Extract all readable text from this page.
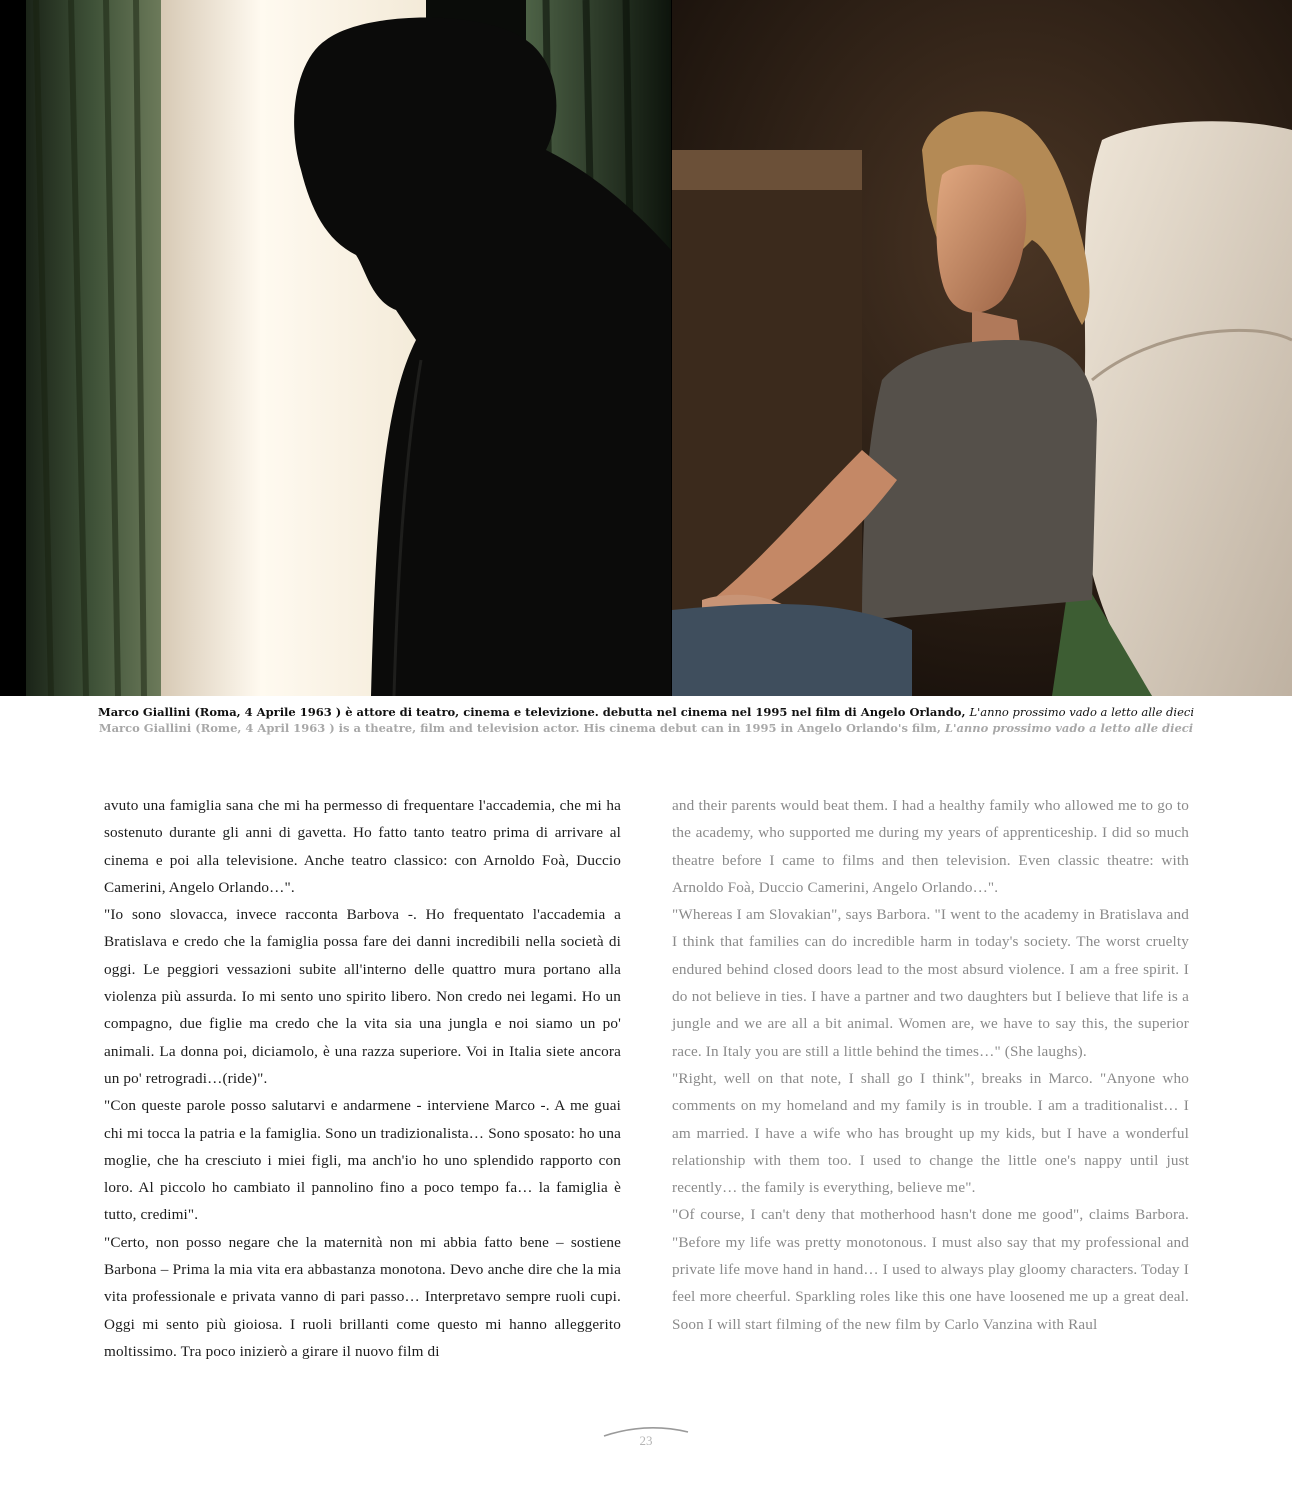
Marco Giallini (Roma, 4 Aprile 1963 ) è attore di teatro, cinema e televizione. debutta nel cinema nel 1995 nel film di Angelo Orlando, L'anno prossimo vado a letto alle dieci
Marco Giallini (Rome, 4 April 1963 ) is a theatre, film and television actor. His cinema debut can in 1995 in Angelo Orlando's film, L'anno prossimo vado a letto alle dieci

avuto una famiglia sana che mi ha permesso di frequentare l'accademia, che mi ha sostenuto durante gli anni di gavetta. Ho fatto tanto teatro prima di arrivare al cinema e poi alla televisione. Anche teatro classico: con Arnoldo Foà, Duccio Camerini, Angelo Orlando…".

"Io sono slovacca, invece racconta Barbova -. Ho frequentato l'accademia a Bratislava e credo che la famiglia possa fare dei danni incredibili nella società di oggi. Le peggiori vessazioni subite all'interno delle quattro mura portano alla violenza più assurda. Io mi sento uno spirito libero. Non credo nei legami. Ho un compagno, due figlie ma credo che la vita sia una jungla e noi siamo un po' animali. La donna poi, diciamolo, è una razza superiore. Voi in Italia siete ancora un po' retrogradi…(ride)".

"Con queste parole posso salutarvi e andarmene - interviene Marco -. A me guai chi mi tocca la patria e la famiglia. Sono un tradizionalista… Sono sposato: ho una moglie, che ha cresciuto i miei figli, ma anch'io ho uno splendido rapporto con loro. Al piccolo ho cambiato il pannolino fino a poco tempo fa… la famiglia è tutto, credimi".

"Certo, non posso negare che la maternità non mi abbia fatto bene – sostiene Barbona – Prima la mia vita era abbastanza monotona. Devo anche dire che la mia vita professionale e privata vanno di pari passo… Interpretavo sempre ruoli cupi. Oggi mi sento più gioiosa. I ruoli brillanti come questo mi hanno alleggerito moltissimo. Tra poco inizierò a girare il nuovo film di

and their parents would beat them. I had a healthy family who allowed me to go to the academy, who supported me during my years of apprenticeship. I did so much theatre before I came to films and then television. Even classic theatre: with Arnoldo Foà, Duccio Camerini, Angelo Orlando…".

"Whereas I am Slovakian", says Barbora. "I went to the academy in Bratislava and I think that families can do incredible harm in today's society. The worst cruelty endured behind closed doors lead to the most absurd violence. I am a free spirit. I do not believe in ties. I have a partner and two daughters but I believe that life is a jungle and we are all a bit animal. Women are, we have to say this, the superior race. In Italy you are still a little behind the times…" (She laughs).

"Right, well on that note, I shall go I think", breaks in Marco. "Anyone who comments on my homeland and my family is in trouble. I am a traditionalist… I am married. I have a wife who has brought up my kids, but I have a wonderful relationship with them too. I used to change the little one's nappy until just recently… the family is everything, believe me".

"Of course, I can't deny that motherhood hasn't done me good", claims Barbora. "Before my life was pretty monotonous. I must also say that my professional and private life move hand in hand… I used to always play gloomy characters. Today I feel more cheerful. Sparkling roles like this one have loosened me up a great deal. Soon I will start filming of the new film by Carlo Vanzina with Raul

23
